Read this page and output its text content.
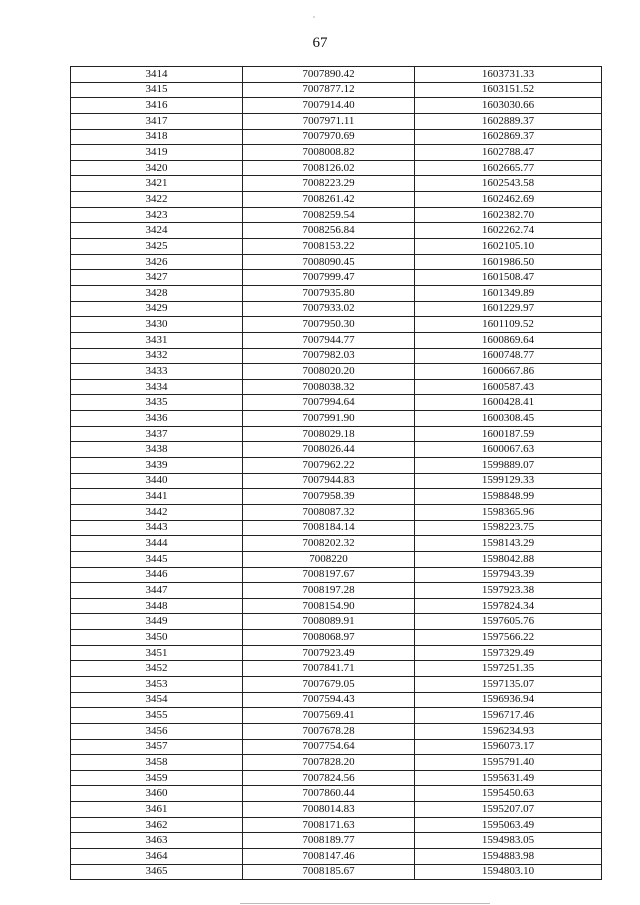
67
3414	7007890.42	1603731.33
3415	7007877.12	1603151.52
3416	7007914.40	1603030.66
3417	7007971.11	1602889.37
3418	7007970.69	1602869.37
3419	7008008.82	1602788.47
3420	7008126.02	1602665.77
3421	7008223.29	1602543.58
3422	7008261.42	1602462.69
3423	7008259.54	1602382.70
3424	7008256.84	1602262.74
3425	7008153.22	1602105.10
3426	7008090.45	1601986.50
3427	7007999.47	1601508.47
3428	7007935.80	1601349.89
3429	7007933.02	1601229.97
3430	7007950.30	1601109.52
3431	7007944.77	1600869.64
3432	7007982.03	1600748.77
3433	7008020.20	1600667.86
3434	7008038.32	1600587.43
3435	7007994.64	1600428.41
3436	7007991.90	1600308.45
3437	7008029.18	1600187.59
3438	7008026.44	1600067.63
3439	7007962.22	1599889.07
3440	7007944.83	1599129.33
3441	7007958.39	1598848.99
3442	7008087.32	1598365.96
3443	7008184.14	1598223.75
3444	7008202.32	1598143.29
3445	7008220	1598042.88
3446	7008197.67	1597943.39
3447	7008197.28	1597923.38
3448	7008154.90	1597824.34
3449	7008089.91	1597605.76
3450	7008068.97	1597566.22
3451	7007923.49	1597329.49
3452	7007841.71	1597251.35
3453	7007679.05	1597135.07
3454	7007594.43	1596936.94
3455	7007569.41	1596717.46
3456	7007678.28	1596234.93
3457	7007754.64	1596073.17
3458	7007828.20	1595791.40
3459	7007824.56	1595631.49
3460	7007860.44	1595450.63
3461	7008014.83	1595207.07
3462	7008171.63	1595063.49
3463	7008189.77	1594983.05
3464	7008147.46	1594883.98
3465	7008185.67	1594803.10
